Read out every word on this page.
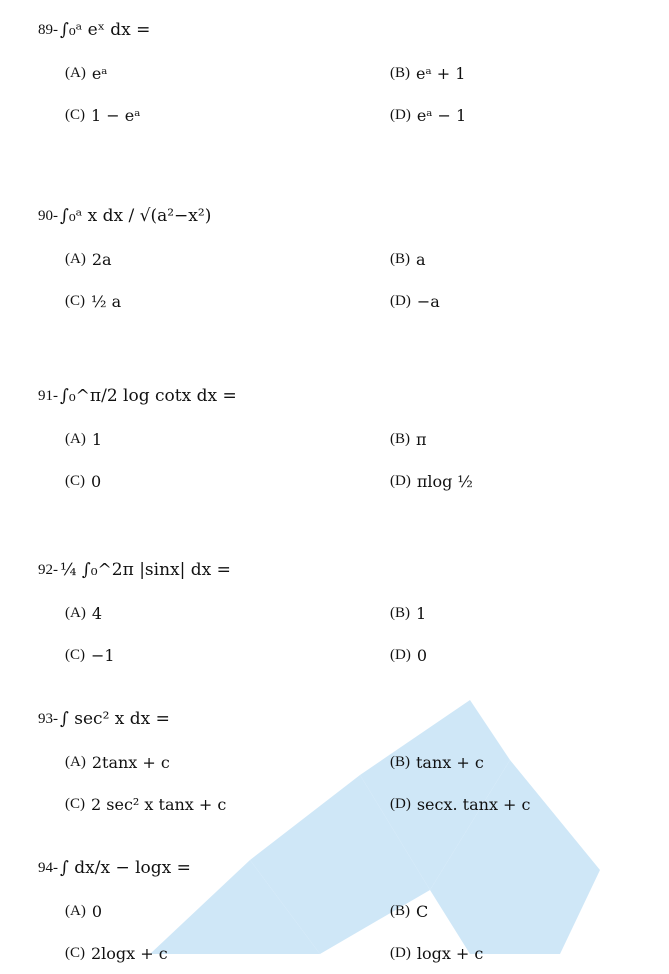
89- ∫₀ᵃ eˣ dx =
(A) eᵃ	(B) eᵃ + 1
(C) 1 − eᵃ	(D) eᵃ − 1
90- ∫₀ᵃ x dx / √(a²−x²)
(A) 2a	(B) a
(C) ½ a	(D) −a
91- ∫₀^π/2 log cotx dx =
(A) 1	(B) π
(C) 0	(D) πlog ½
92- ¼ ∫₀^2π |sinx| dx =
(A) 4	(B) 1
(C) −1	(D) 0
93- ∫ sec² x dx =
(A) 2tanx + c	(B) tanx + c
(C) 2 sec² x tanx + c	(D) secx. tanx + c
94- ∫ dx/x − logx =
(A) 0	(B) C
(C) 2logx + c	(D) logx + c
